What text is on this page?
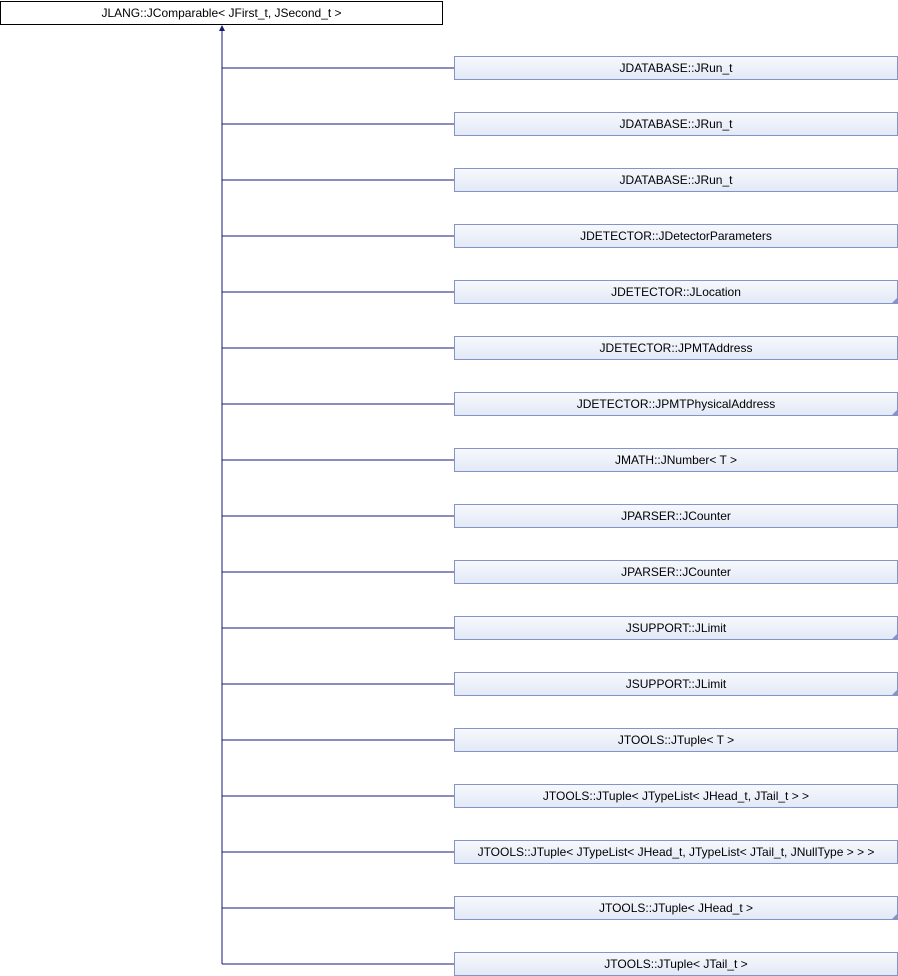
JLANG::JComparable< JFirst_t, JSecond_t >
JDATABASE::JRun_t
JDATABASE::JRun_t
JDATABASE::JRun_t
JDETECTOR::JDetectorParameters
JDETECTOR::JLocation
JDETECTOR::JPMTAddress
JDETECTOR::JPMTPhysicalAddress
JMATH::JNumber< T >
JPARSER::JCounter
JPARSER::JCounter
JSUPPORT::JLimit
JSUPPORT::JLimit
JTOOLS::JTuple< T >
JTOOLS::JTuple< JTypeList< JHead_t, JTail_t > >
JTOOLS::JTuple< JTypeList< JHead_t, JTypeList< JTail_t, JNullType > > >
JTOOLS::JTuple< JHead_t >
JTOOLS::JTuple< JTail_t >
